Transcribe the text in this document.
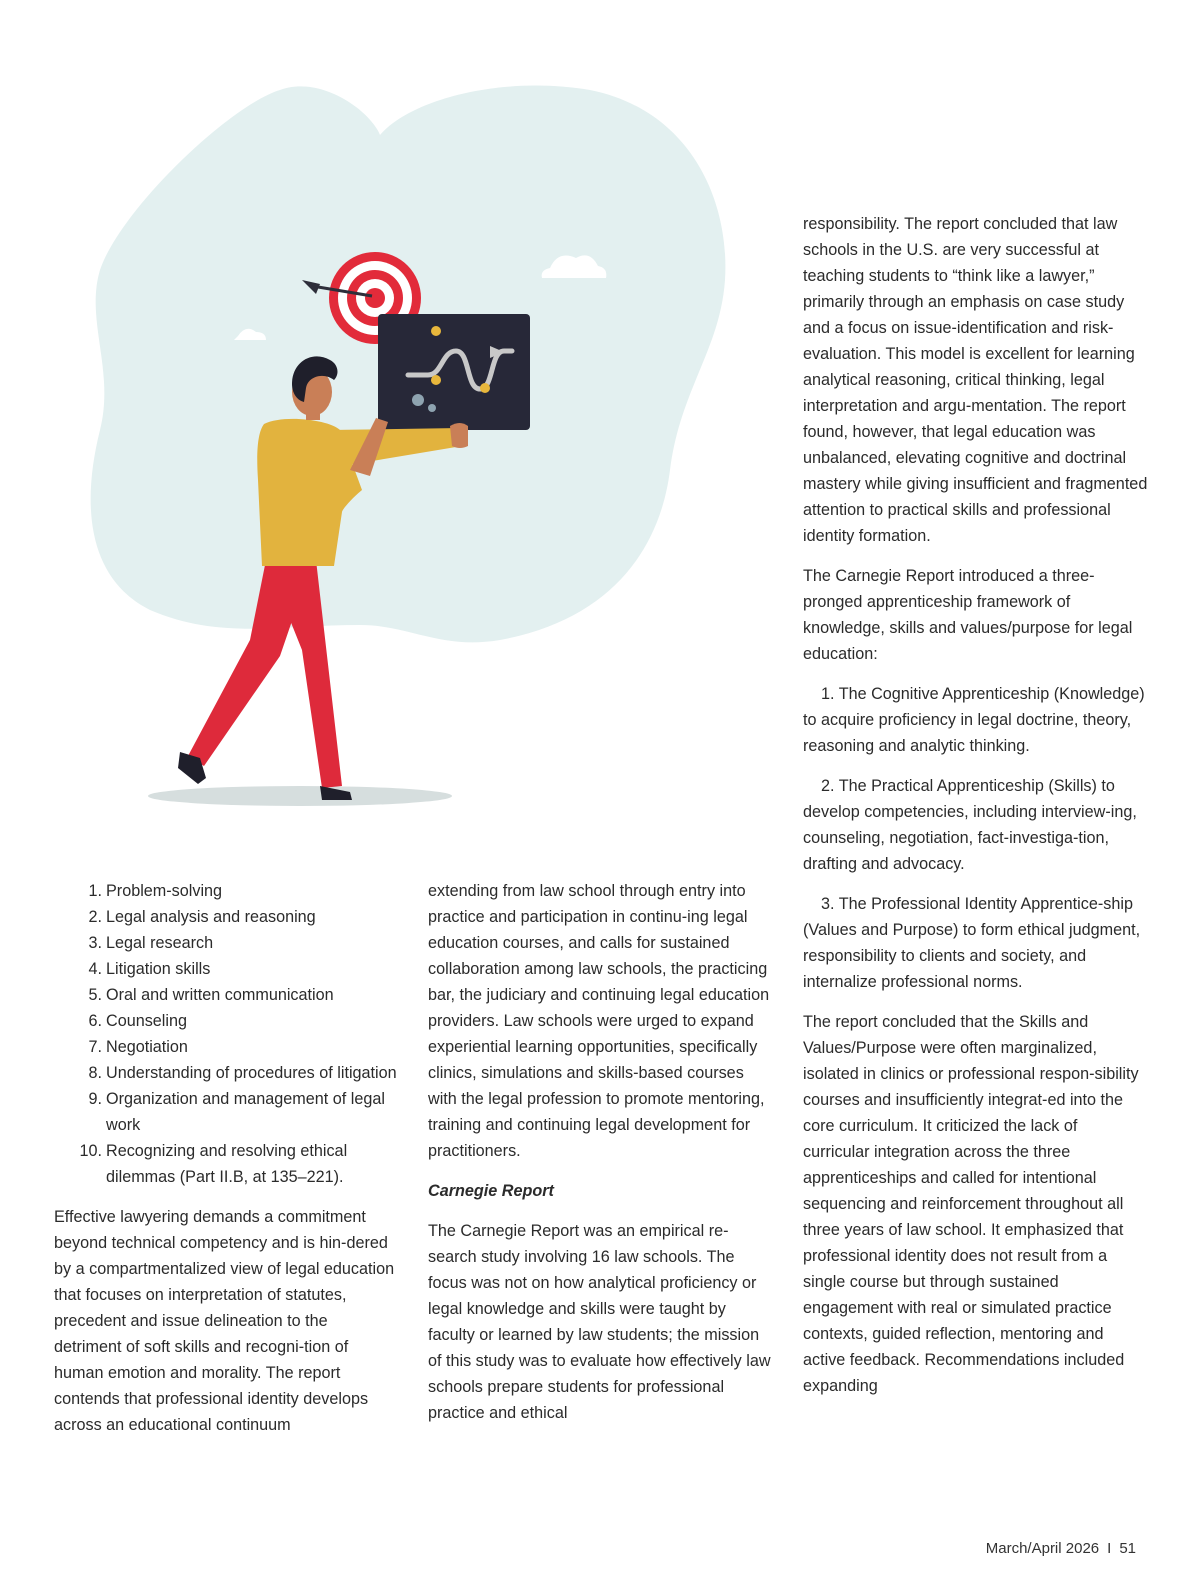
responsibility. The report concluded that law schools in the U.S. are very successful at teaching students to “think like a lawyer,” primarily through an emphasis on case study and a focus on issue-identification and risk-evaluation. This model is excellent for learning analytical reasoning, critical thinking, legal interpretation and argu-mentation. The report found, however, that legal education was unbalanced, elevating cognitive and doctrinal mastery while giving insufficient and fragmented attention to practical skills and professional identity formation.

The Carnegie Report introduced a three-pronged apprenticeship framework of knowledge, skills and values/purpose for legal education:

1. The Cognitive Apprenticeship (Knowledge) to acquire proficiency in legal doctrine, theory, reasoning and analytic thinking.

2. The Practical Apprenticeship (Skills) to develop competencies, including interview-ing, counseling, negotiation, fact-investiga-tion, drafting and advocacy.

3. The Professional Identity Apprentice-ship (Values and Purpose) to form ethical judgment, responsibility to clients and society, and internalize professional norms.

The report concluded that the Skills and Values/Purpose were often marginalized, isolated in clinics or professional respon-sibility courses and insufficiently integrat-ed into the core curriculum. It criticized the lack of curricular integration across the three apprenticeships and called for intentional sequencing and reinforcement throughout all three years of law school. It emphasized that professional identity does not result from a single course but through sustained engagement with real or simulated practice contexts, guided reflection, mentoring and active feedback. Recommendations included expanding

1. Problem-solving
2. Legal analysis and reasoning
3. Legal research
4. Litigation skills
5. Oral and written communication
6. Counseling
7. Negotiation
8. Understanding of procedures of litigation
9. Organization and management of legal work
10. Recognizing and resolving ethical dilemmas (Part II.B, at 135–221).

Effective lawyering demands a commitment beyond technical competency and is hin-dered by a compartmentalized view of legal education that focuses on interpretation of statutes, precedent and issue delineation to the detriment of soft skills and recogni-tion of human emotion and morality. The report contends that professional identity develops across an educational continuum

extending from law school through entry into practice and participation in continu-ing legal education courses, and calls for sustained collaboration among law schools, the practicing bar, the judiciary and continuing legal education providers. Law schools were urged to expand experiential learning opportunities, specifically clinics, simulations and skills-based courses with the legal profession to promote mentoring, training and continuing legal development for practitioners.

Carnegie Report

The Carnegie Report was an empirical re-search study involving 16 law schools. The focus was not on how analytical proficiency or legal knowledge and skills were taught by faculty or learned by law students; the mission of this study was to evaluate how effectively law schools prepare students for professional practice and ethical

March/April 2026 I 51
